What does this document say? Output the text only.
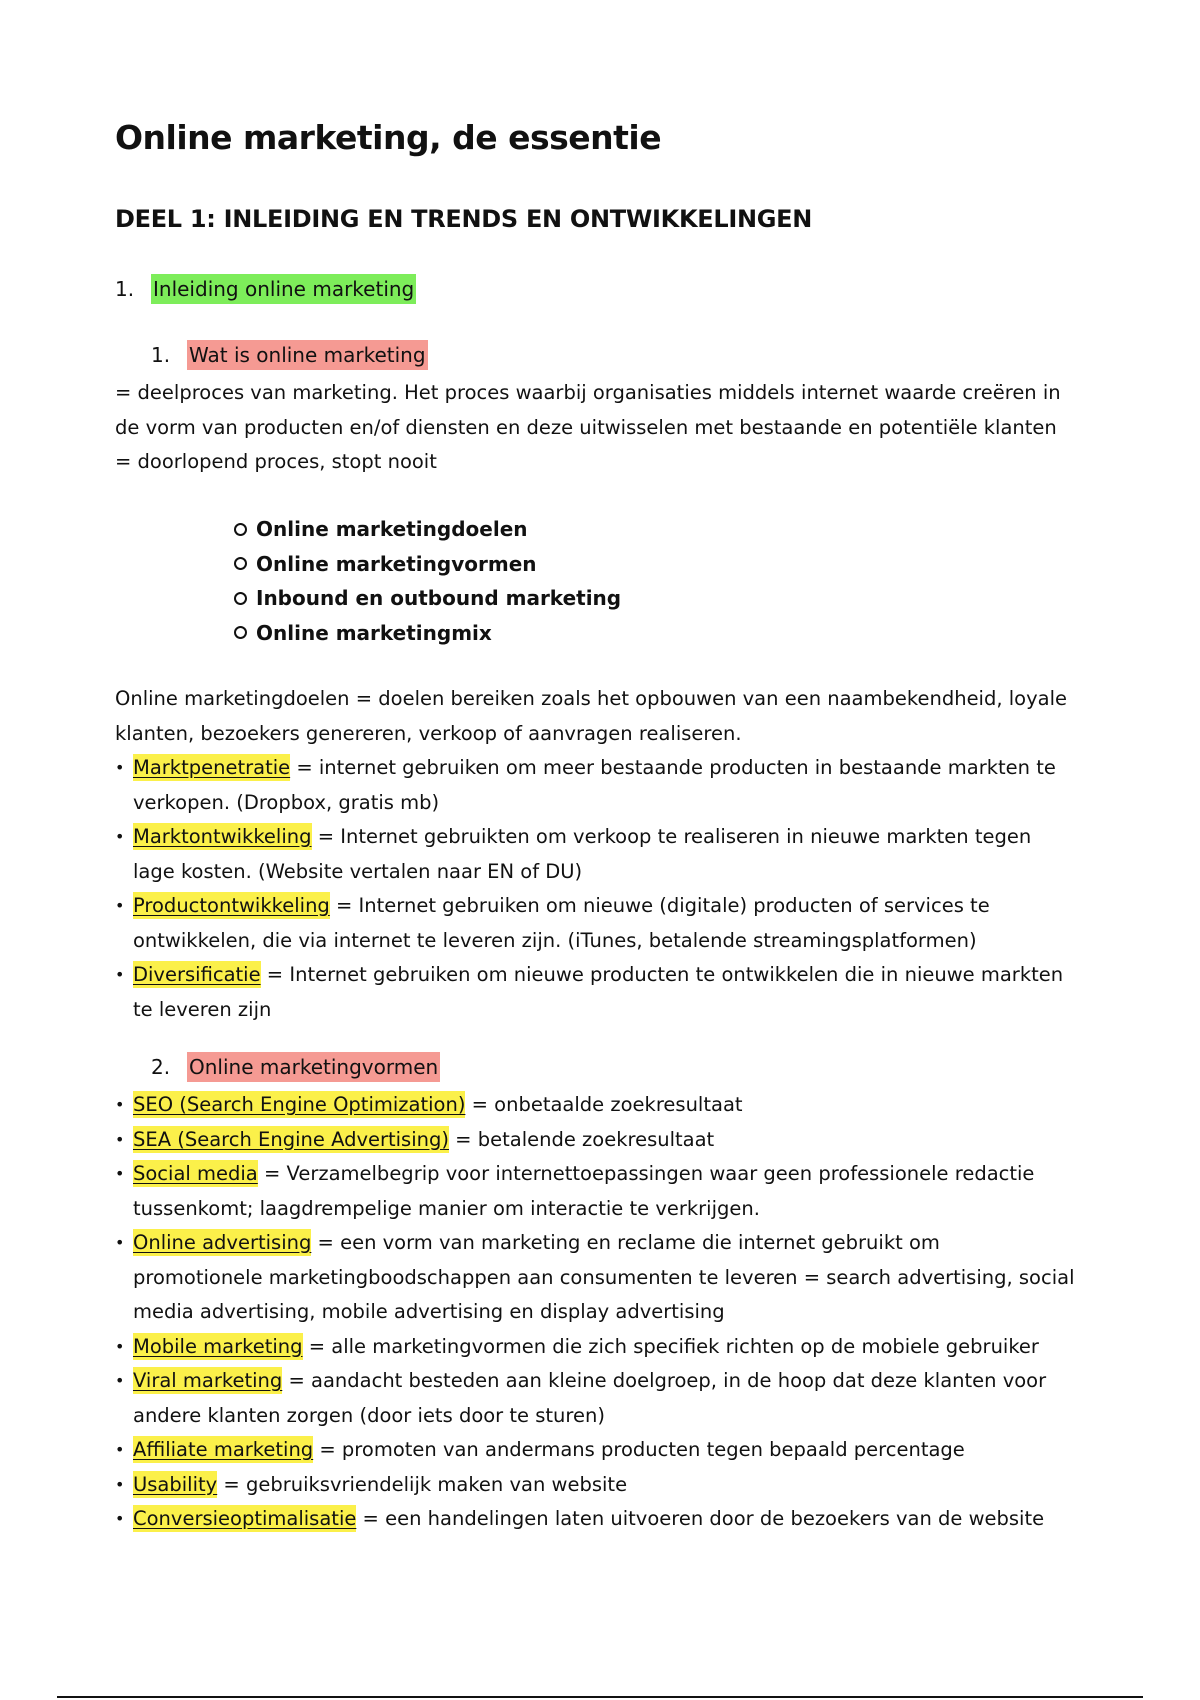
Online marketing, de essentie
DEEL 1: INLEIDING EN TRENDS EN ONTWIKKELINGEN
1. Inleiding online marketing
1. Wat is online marketing

= deelproces van marketing. Het proces waarbij organisaties middels internet waarde creëren in de vorm van producten en/of diensten en deze uitwisselen met bestaande en potentiële klanten = doorlopend proces, stopt nooit

Online marketingdoelen
Online marketingvormen
Inbound en outbound marketing
Online marketingmix

Online marketingdoelen = doelen bereiken zoals het opbouwen van een naambekendheid, loyale klanten, bezoekers genereren, verkoop of aanvragen realiseren.

• Marktpenetratie = internet gebruiken om meer bestaande producten in bestaande markten te verkopen. (Dropbox, gratis mb)
• Marktontwikkeling = Internet gebruikten om verkoop te realiseren in nieuwe markten tegen lage kosten. (Website vertalen naar EN of DU)
• Productontwikkeling = Internet gebruiken om nieuwe (digitale) producten of services te ontwikkelen, die via internet te leveren zijn. (iTunes, betalende streamingsplatformen)
• Diversificatie = Internet gebruiken om nieuwe producten te ontwikkelen die in nieuwe markten te leveren zijn
2. Online marketingvormen
• SEO (Search Engine Optimization) = onbetaalde zoekresultaat
• SEA (Search Engine Advertising) = betalende zoekresultaat
• Social media = Verzamelbegrip voor internettoepassingen waar geen professionele redactie tussenkomt; laagdrempelige manier om interactie te verkrijgen.
• Online advertising = een vorm van marketing en reclame die internet gebruikt om promotionele marketingboodschappen aan consumenten te leveren = search advertising, social media advertising, mobile advertising en display advertising
• Mobile marketing = alle marketingvormen die zich specifiek richten op de mobiele gebruiker
• Viral marketing = aandacht besteden aan kleine doelgroep, in de hoop dat deze klanten voor andere klanten zorgen (door iets door te sturen)
• Affiliate marketing = promoten van andermans producten tegen bepaald percentage
• Usability = gebruiksvriendelijk maken van website
• Conversieoptimalisatie = een handelingen laten uitvoeren door de bezoekers van de website
